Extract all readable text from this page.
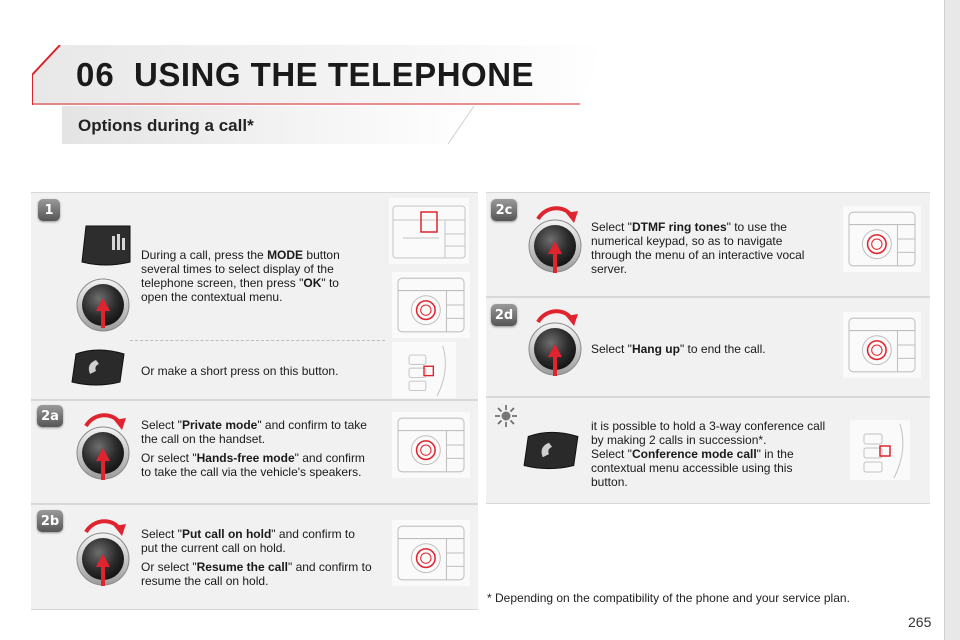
06 USING THE TELEPHONE
Options during a call*
1
2a
2b
2c
2d
During a call, press the MODE button several times to select display of the telephone screen, then press "OK" to open the contextual menu.
Or make a short press on this button.

Select "Private mode" and confirm to take the call on the handset.

Or select "Hands-free mode" and confirm to take the call via the vehicle's speakers.

Select "Put call on hold" and confirm to put the current call on hold.

Or select "Resume the call" and confirm to resume the call on hold.

Select "DTMF ring tones" to use the numerical keypad, so as to navigate through the menu of an interactive vocal server.
Select "Hang up" to end the call.
it is possible to hold a 3-way conference call by making 2 calls in succession*.
Select "Conference mode call" in the contextual menu accessible using this button.
* Depending on the compatibility of the phone and your service plan.
265
